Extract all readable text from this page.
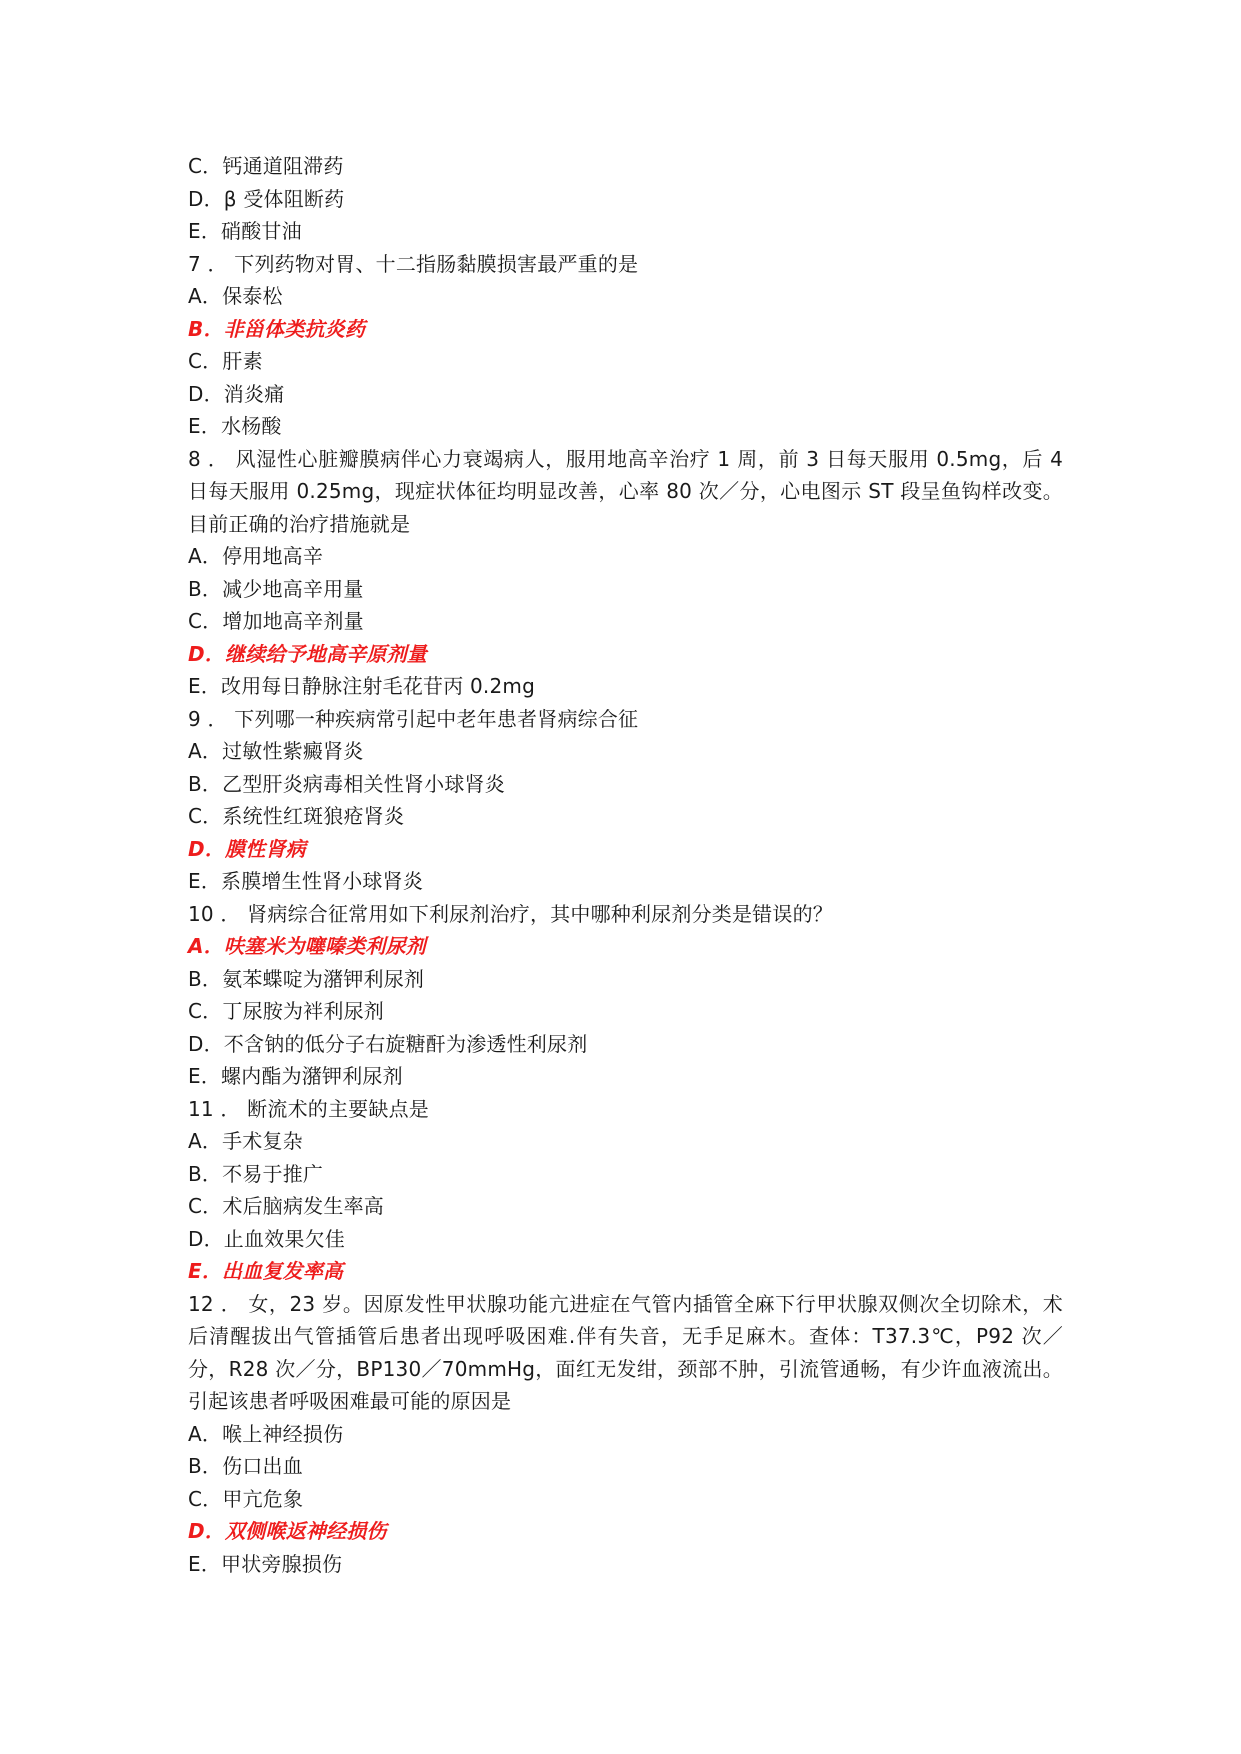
C．钙通道阻滞药
D．β 受体阻断药
E．硝酸甘油
7 ． 下列药物对胃、十二指肠黏膜损害最严重的是
A．保泰松
B．非甾体类抗炎药
C．肝素
D．消炎痛
E．水杨酸
8 ． 风湿性心脏瓣膜病伴心力衰竭病人，服用地高辛治疗 1 周，前 3 日每天服用 0.5mg，后 4 日每天服用 0.25mg，现症状体征均明显改善，心率 80 次／分，心电图示 ST 段呈鱼钩样改变。目前正确的治疗措施就是
A．停用地高辛
B．减少地高辛用量
C．增加地高辛剂量
D．继续给予地高辛原剂量
E．改用每日静脉注射毛花苷丙 0.2mg
9 ． 下列哪一种疾病常引起中老年患者肾病综合征
A．过敏性紫癜肾炎
B．乙型肝炎病毒相关性肾小球肾炎
C．系统性红斑狼疮肾炎
D．膜性肾病
E．系膜增生性肾小球肾炎
10 ． 肾病综合征常用如下利尿剂治疗，其中哪种利尿剂分类是错误的？
A．呋塞米为噻嗪类利尿剂
B．氨苯蝶啶为潴钾利尿剂
C．丁尿胺为袢利尿剂
D．不含钠的低分子右旋糖酐为渗透性利尿剂
E．螺内酯为潴钾利尿剂
11 ． 断流术的主要缺点是
A．手术复杂
B．不易于推广
C．术后脑病发生率高
D．止血效果欠佳
E．出血复发率高
12 ． 女，23 岁。因原发性甲状腺功能亢进症在气管内插管全麻下行甲状腺双侧次全切除术，术后清醒拔出气管插管后患者出现呼吸困难.伴有失音，无手足麻木。查体：T37.3℃，P92 次／分，R28 次／分，BP130／70mmHg，面红无发绀，颈部不肿，引流管通畅，有少许血液流出。引起该患者呼吸困难最可能的原因是
A．喉上神经损伤
B．伤口出血
C．甲亢危象
D．双侧喉返神经损伤
E．甲状旁腺损伤
